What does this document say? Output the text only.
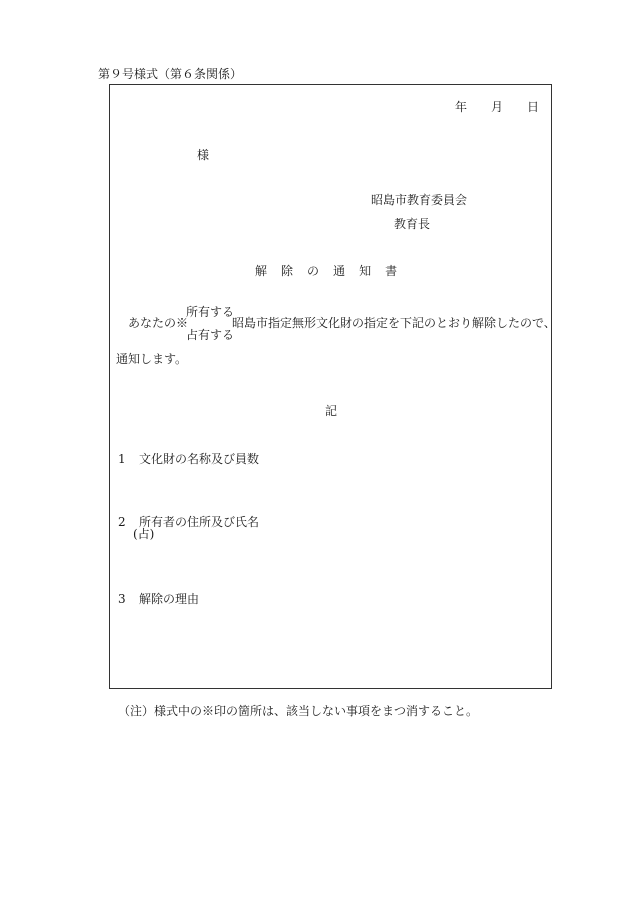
第９号様式（第６条関係）
年 月 日
様
昭島市教育委員会
教育長
解 除 の 通 知 書
あなたの※
所有する
占有する
昭島市指定無形文化財の指定を下記のとおり解除したので、
通知します。
記
1 文化財の名称及び員数
2 所有者の住所及び氏名
(占)
3 解除の理由
（注）様式中の※印の箇所は、該当しない事項をまつ消すること。
